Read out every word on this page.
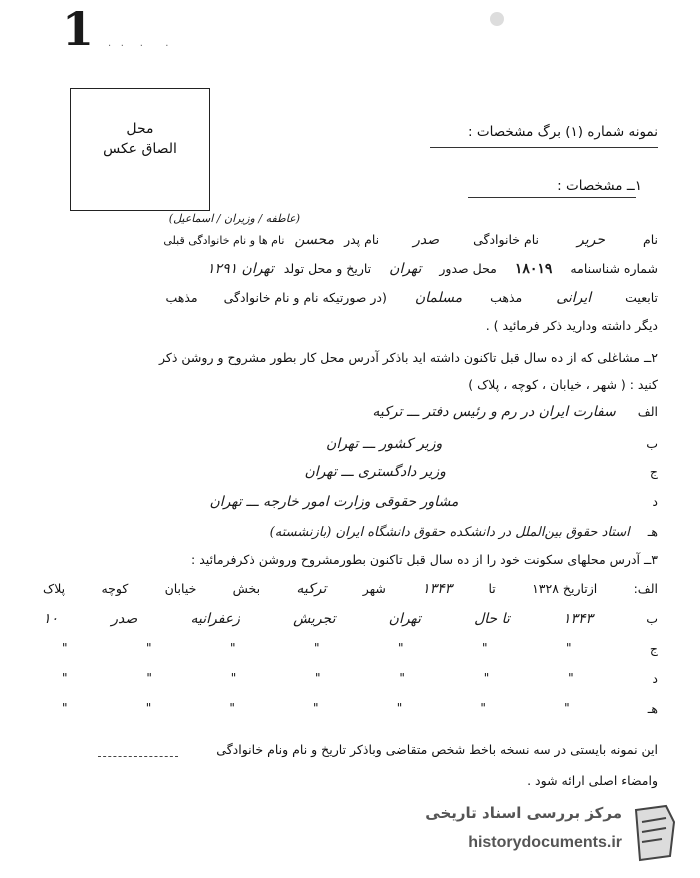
1 .   .     .       .
محل
الصاق عکس
نمونه شماره (۱) برگ مشخصات :
۱ــ مشخصات :
نام حریر نام خانوادگی صدر نام پدر محسن نام ها و نام خانوادگی قبلی
(عاطفه / وزیران‌ / اسماعیل)
شماره شناسنامه ۱۸۰۱۹ محل صدور تهران تاریخ و محل تولد تهران ۱۲۹۱
تابعیت ایرانی مذهب مسلمان (در صورتیکه نام و نام خانوادگی مذهب
دیگر داشته ودارید ذکر فرمائید ) .
۲ــ مشاغلی که از ده سال قبل تاکنون داشته اید باذکر آدرس محل کار بطور مشروح و روشن ذکر
کنید : ( شهر ، خیابان ، کوچه ، پلاک )
الف سفارت ایران در رم و رئیس دفتر ـــ ترکیه
ب وزیر کشور ـــ تهران
ج وزیر دادگستری ـــ تهران
د مشاور حقوقی وزارت امور خارجه ـــ تهران
هـ استاد حقوق بین‌الملل در دانشکده حقوق دانشگاه ایران (بازنشسته)
۳ــ آدرس محلهای سکونت خود را از ده سال قبل تاکنون بطورمشروح وروشن ذکرفرمائید :
الف:
ازتاریخ ۱۳۲۸
تا
۱۳۴۳
شهر
ترکیه
بخش
خیابان
کوچه
پلاک
ب
۱۳۴۳
تا حال
تهران
تجریش
زعفرانیه
صدر
۱۰
ج
"
"
"
"
"
"
"
د
"
"
"
"
"
"
"
هـ
"
"
"
"
"
"
"
این نمونه بایستی در سه نسخه باخط شخص متقاضی وباذکر تاریخ و نام ونام خانوادگی
وامضاء اصلی ارائه شود .
مرکز بررسی اسناد تاریخی
historydocuments.ir
